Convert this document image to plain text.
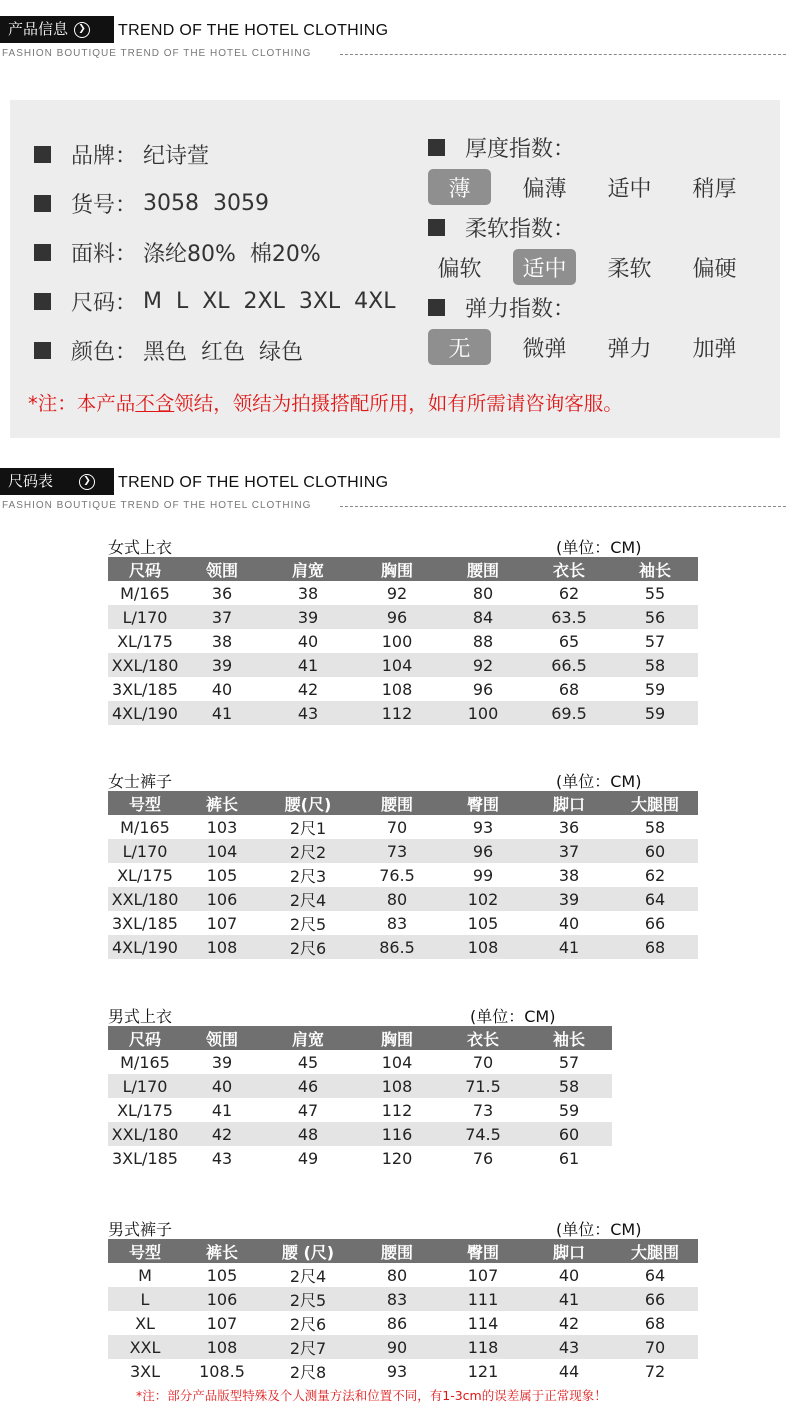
产品信息	❯ TREND OF THE HOTEL CLOTHING
FASHION BOUTIQUE TREND OF THE HOTEL CLOTHING
品牌： 纪诗萱
货号： 3058  3059
面料： 涤纶80%  棉20%
尺码： M  L  XL  2XL  3XL  4XL
颜色： 黑色  红色  绿色
厚度指数：
薄	偏薄	适中	稍厚
柔软指数：
偏软	适中	柔软	偏硬
弹力指数：
无	微弹	弹力	加弹
*注：本产品不含领结，领结为拍摄搭配所用，如有所需请咨询客服。
尺码表	❯ TREND OF THE HOTEL CLOTHING
FASHION BOUTIQUE TREND OF THE HOTEL CLOTHING
女式上衣	(单位：CM)
尺码	领围	肩宽	胸围	腰围	衣长	袖长
M/165	36	38	92	80	62	55
L/170	37	39	96	84	63.5	56
XL/175	38	40	100	88	65	57
XXL/180	39	41	104	92	66.5	58
3XL/185	40	42	108	96	68	59
4XL/190	41	43	112	100	69.5	59
女士裤子	(单位：CM)
号型	裤长	腰(尺)	腰围	臀围	脚口	大腿围
M/165	103	2尺1	70	93	36	58
L/170	104	2尺2	73	96	37	60
XL/175	105	2尺3	76.5	99	38	62
XXL/180	106	2尺4	80	102	39	64
3XL/185	107	2尺5	83	105	40	66
4XL/190	108	2尺6	86.5	108	41	68
男式上衣	(单位：CM)
尺码	领围	肩宽	胸围	衣长	袖长
M/165	39	45	104	70	57
L/170	40	46	108	71.5	58
XL/175	41	47	112	73	59
XXL/180	42	48	116	74.5	60
3XL/185	43	49	120	76	61
男式裤子	(单位：CM)
号型	裤长	腰 (尺)	腰围	臀围	脚口	大腿围
M	105	2尺4	80	107	40	64
L	106	2尺5	83	111	41	66
XL	107	2尺6	86	114	42	68
XXL	108	2尺7	90	118	43	70
3XL	108.5	2尺8	93	121	44	72
*注：部分产品版型特殊及个人测量方法和位置不同，有1-3cm的误差属于正常现象！
